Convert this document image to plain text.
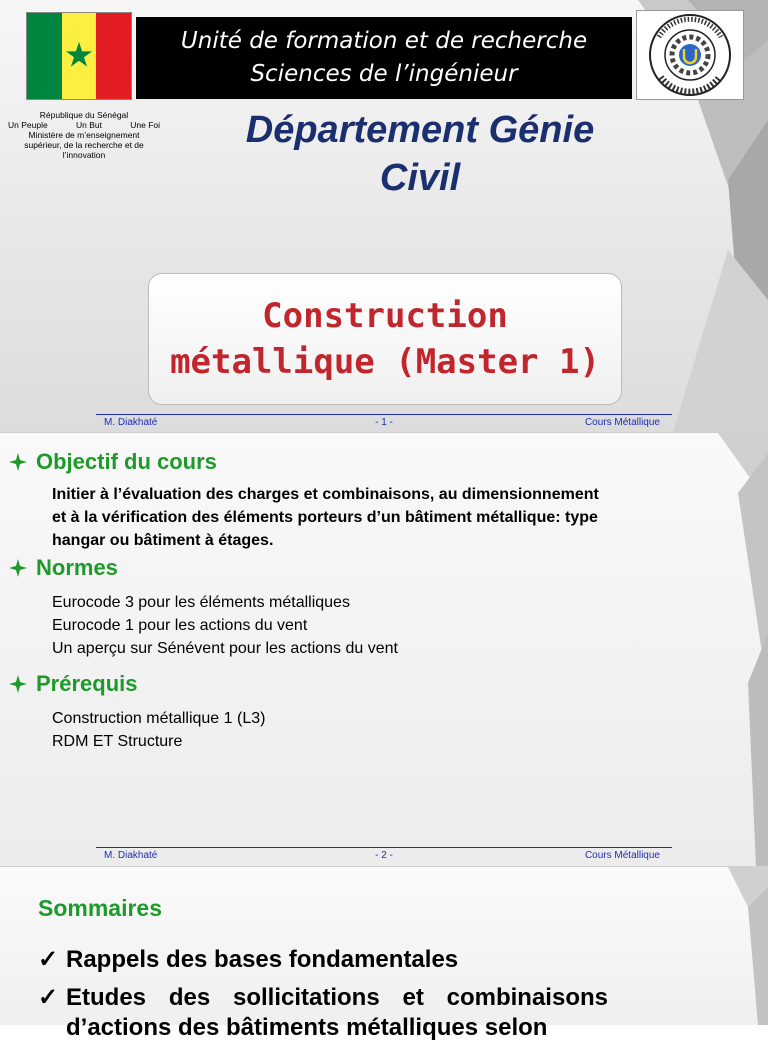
★	Unité de formation et de recherche
Sciences de l’ingénieur
République du Sénégal
Un Peuple	Un But	Une Foi
Ministère de m’enseignement
supérieur, de la recherche et de
l’innovation
Département Génie
Civil
Construction
métallique (Master 1)
M. Diakhaté	- 1 -	Cours Métallique
Objectif du cours
Initier à l’évaluation des charges et combinaisons, au dimensionnement
et à la vérification des éléments porteurs d’un bâtiment métallique: type
hangar ou bâtiment à étages.
Normes
Eurocode 3 pour les éléments métalliques
Eurocode 1 pour les actions du vent
Un aperçu sur Sénévent pour les actions du vent
Prérequis
Construction métallique 1 (L3)
RDM ET Structure
M. Diakhaté	- 2 -	Cours Métallique
Sommaires
✓ Rappels des bases fondamentales
✓ Etudes des sollicitations et combinaisons d’actions des bâtiments métalliques selon
